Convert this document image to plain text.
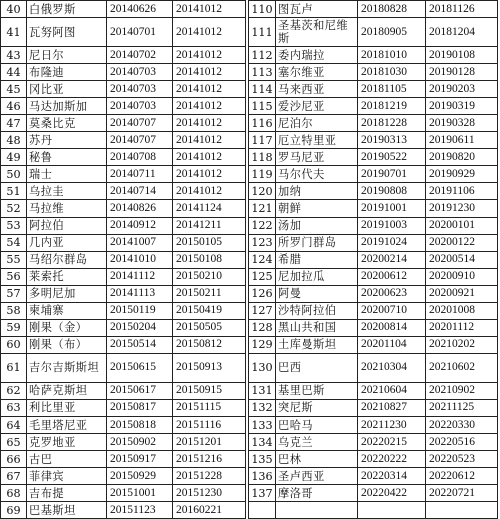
40	白俄罗斯	20140626	20141012		110	图瓦卢	20180828	20181126
41	瓦努阿图	20140701	20141012		111	圣基茨和尼维斯	20180905	20181204
43	尼日尔	20140702	20141012		112	委内瑞拉	20181010	20190108
44	布隆迪	20140703	20141012		113	塞尔维亚	20181030	20190128
45	冈比亚	20140703	20141012		114	马来西亚	20181105	20190203
46	马达加斯加	20140703	20141012		115	爱沙尼亚	20181219	20190319
47	莫桑比克	20140707	20141012		116	尼泊尔	20181228	20190328
48	苏丹	20140707	20141012		117	厄立特里亚	20190313	20190611
49	秘鲁	20140708	20141012		118	罗马尼亚	20190522	20190820
50	瑞士	20140711	20141012		119	马尔代夫	20190701	20190929
51	乌拉圭	20140714	20141012		120	加纳	20190808	20191106
52	马拉维	20140826	20141124		121	朝鲜	20191001	20191230
53	阿拉伯	20140912	20141211		122	汤加	20191003	20200101
54	几内亚	20141007	20150105		123	所罗门群岛	20191024	20200122
55	马绍尔群岛	20141010	20150108		124	希腊	20200214	20200514
56	莱索托	20141112	20150210		125	尼加拉瓜	20200612	20200910
57	多明尼加	20141113	20150211		126	阿曼	20200623	20200921
58	柬埔寨	20150119	20150419		127	沙特阿拉伯	20200710	20201008
59	刚果（金）	20150204	20150505		128	黑山共和国	20200814	20201112
60	刚果（布）	20150514	20150812		129	土库曼斯坦	20201104	20210202
61	吉尔吉斯斯坦	20150615	20150913		130	巴西	20210304	20210602
62	哈萨克斯坦	20150617	20150915		131	基里巴斯	20210604	20210902
63	利比里亚	20150817	20151115		132	突尼斯	20210827	20211125
64	毛里塔尼亚	20150818	20151116		133	巴哈马	20211230	20220330
65	克罗地亚	20150902	20151201		134	乌克兰	20220215	20220516
66	古巴	20150917	20151216		135	巴林	20220222	20220523
67	菲律宾	20150929	20151228		136	圣卢西亚	20220314	20220612
68	吉布提	20151001	20151230		137	摩洛哥	20220422	20220721
69	巴基斯坦	20151123	20160221					
